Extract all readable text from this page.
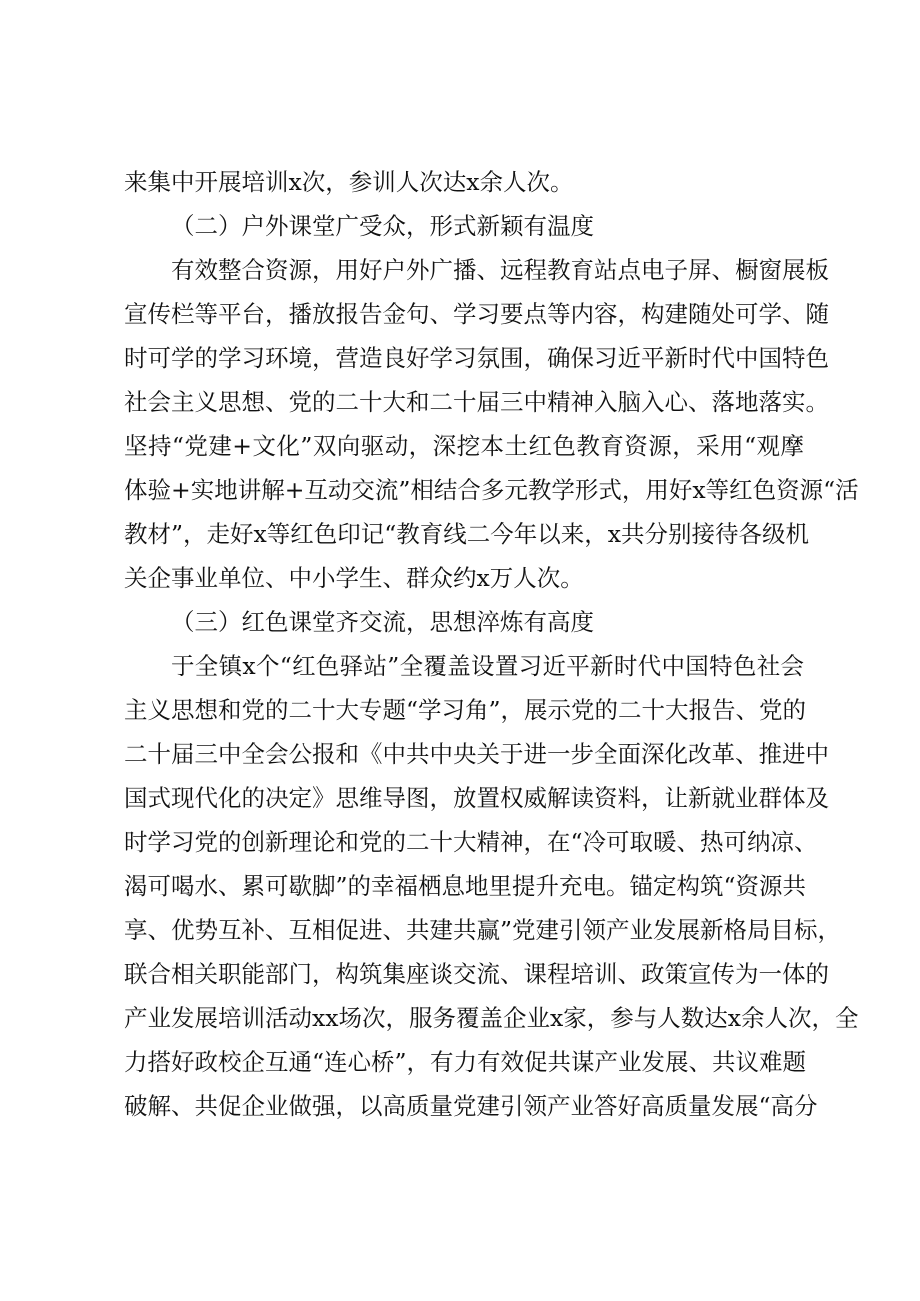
来集中开展培训x次，参训人次达x余人次。
（二）户外课堂广受众，形式新颖有温度
有效整合资源，用好户外广播、远程教育站点电子屏、橱窗展板
宣传栏等平台，播放报告金句、学习要点等内容，构建随处可学、随
时可学的学习环境，营造良好学习氛围，确保习近平新时代中国特色
社会主义思想、党的二十大和二十届三中精神入脑入心、落地落实。
坚持“党建+文化”双向驱动，深挖本土红色教育资源，采用“观摩
体验+实地讲解+互动交流”相结合多元教学形式，用好x等红色资源“活
教材”，走好x等红色印记“教育线二今年以来，x共分别接待各级机
关企事业单位、中小学生、群众约x万人次。
（三）红色课堂齐交流，思想淬炼有高度
于全镇x个“红色驿站”全覆盖设置习近平新时代中国特色社会
主义思想和党的二十大专题“学习角”，展示党的二十大报告、党的
二十届三中全会公报和《中共中央关于进一步全面深化改革、推进中
国式现代化的决定》思维导图，放置权威解读资料，让新就业群体及
时学习党的创新理论和党的二十大精神，在“冷可取暖、热可纳凉、
渴可喝水、累可歇脚”的幸福栖息地里提升充电。锚定构筑“资源共
享、优势互补、互相促进、共建共赢”党建引领产业发展新格局目标，
联合相关职能部门，构筑集座谈交流、课程培训、政策宣传为一体的
产业发展培训活动xx场次，服务覆盖企业x家，参与人数达x余人次，全
力搭好政校企互通“连心桥”，有力有效促共谋产业发展、共议难题
破解、共促企业做强，以高质量党建引领产业答好高质量发展“高分
